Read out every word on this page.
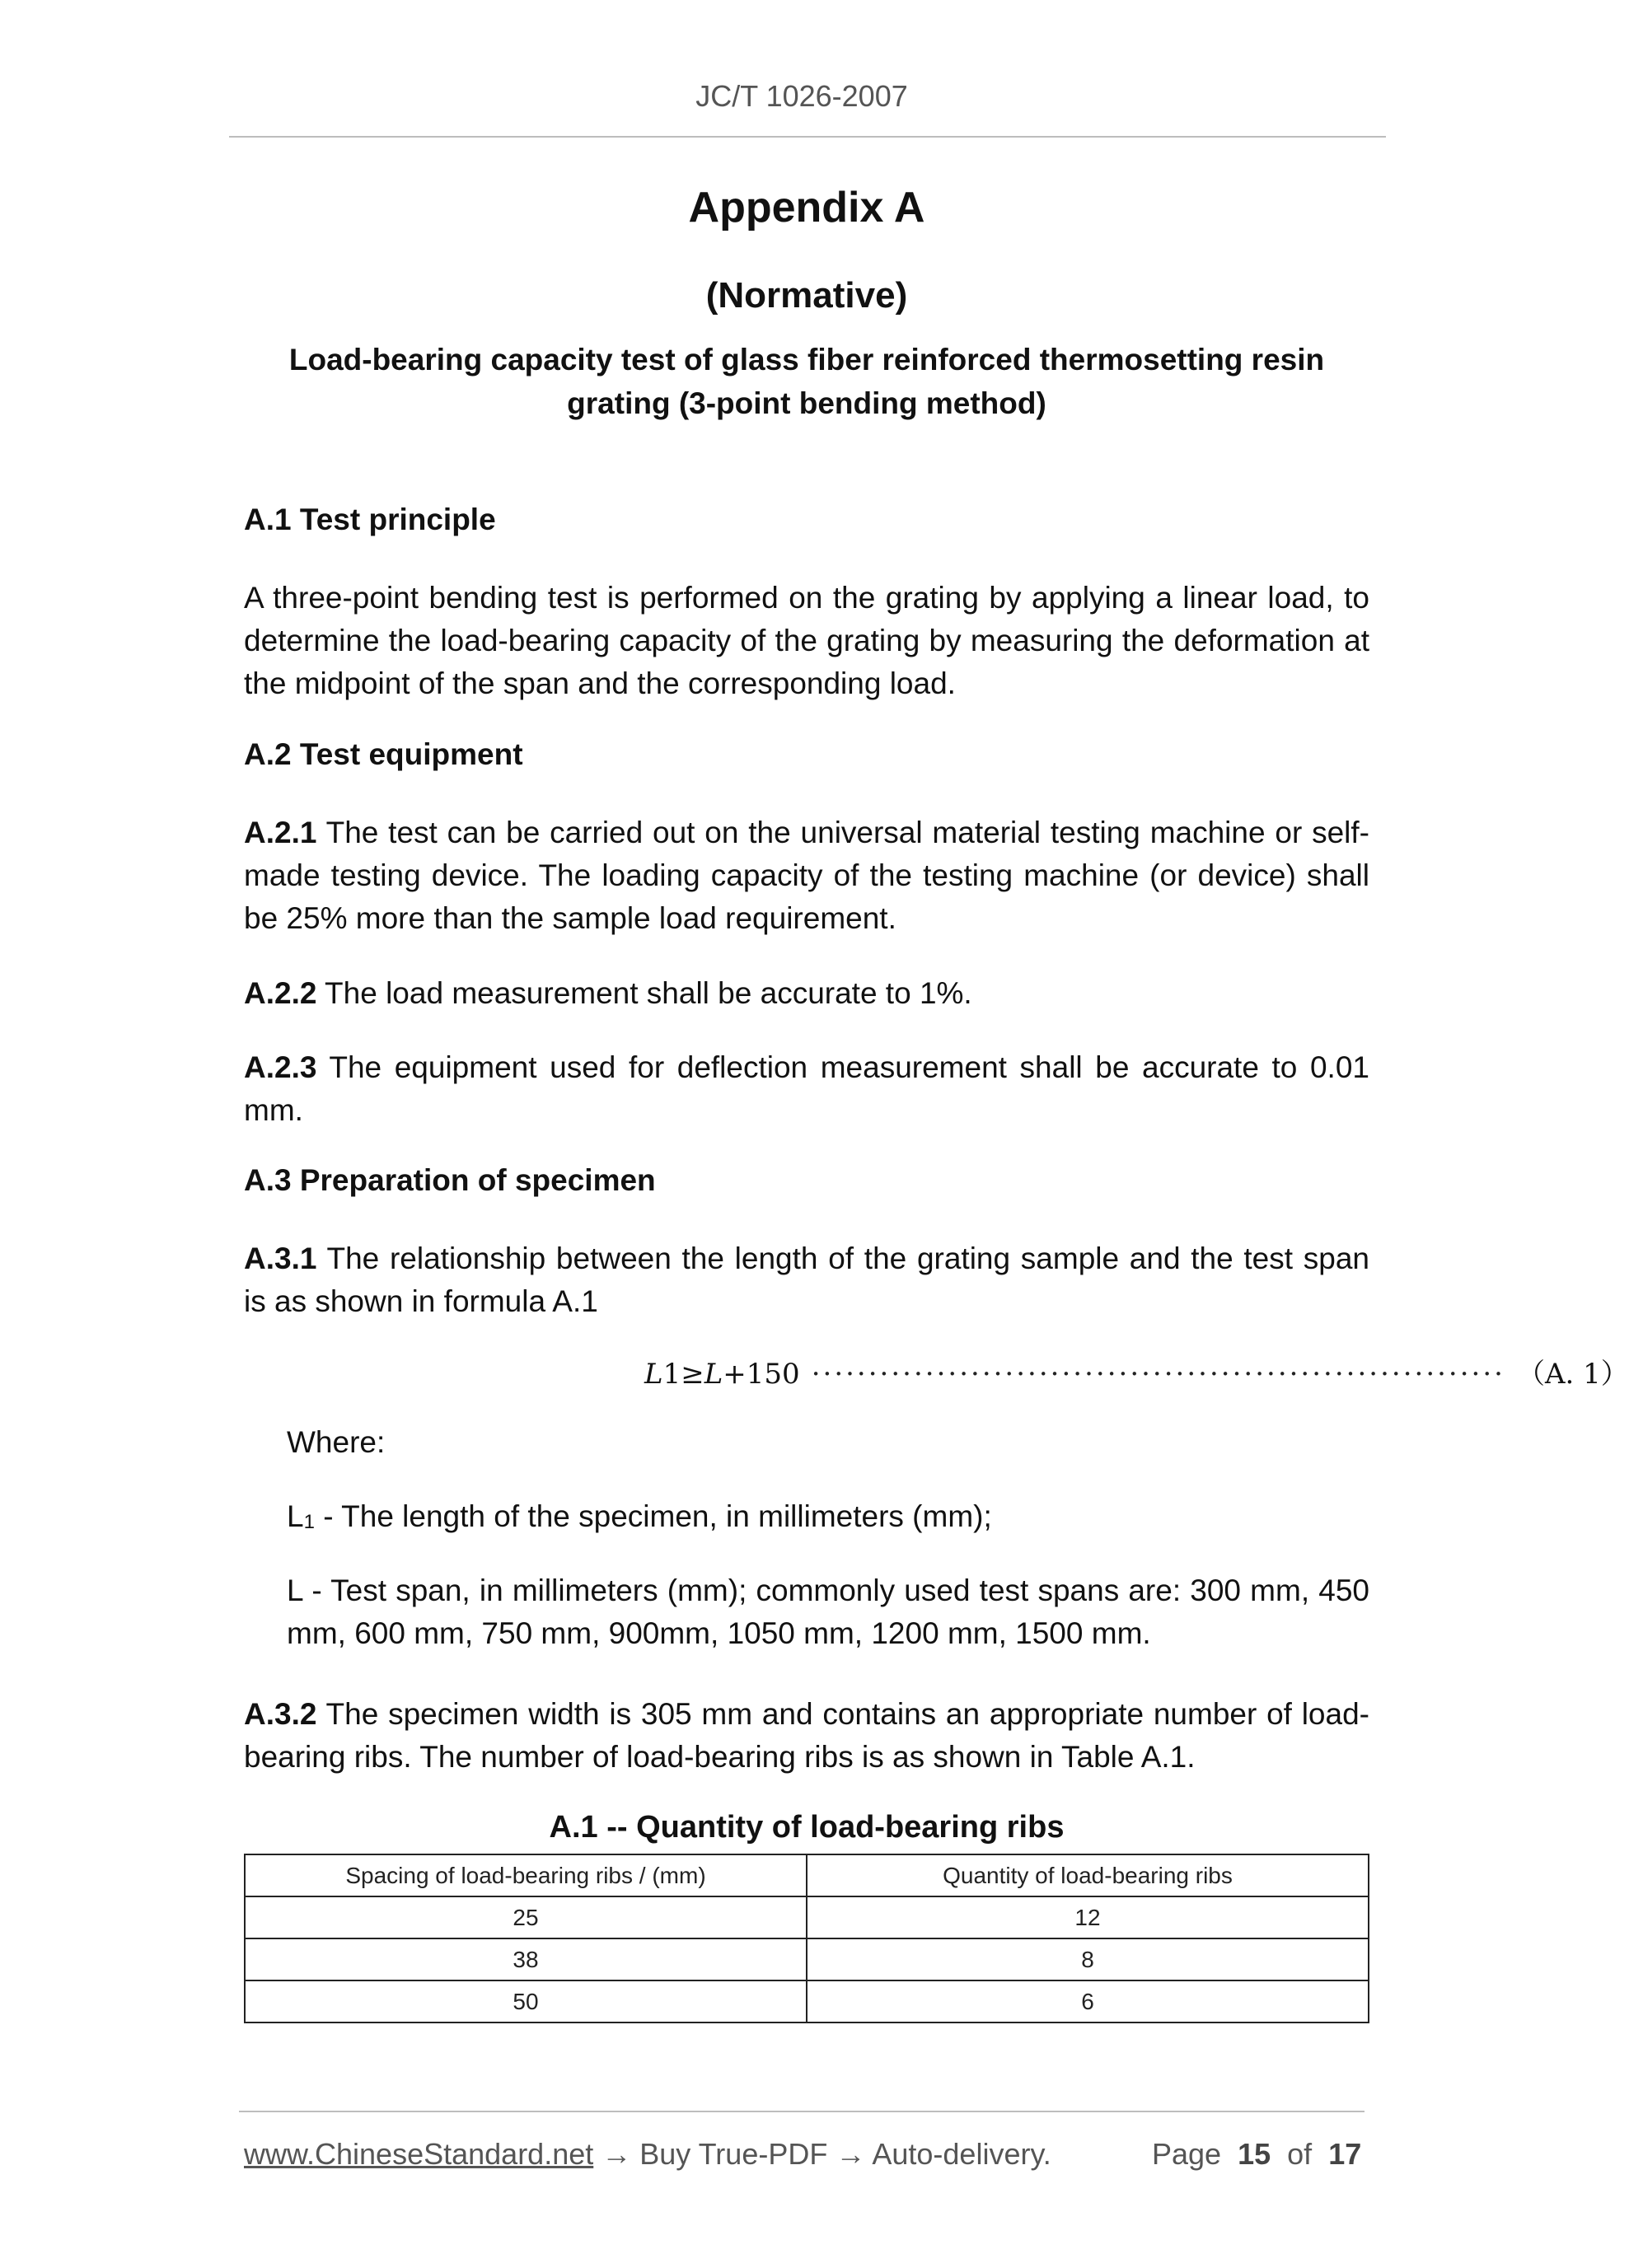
JC/T 1026-2007
Appendix A
(Normative)
Load-bearing capacity test of glass fiber reinforced thermosetting resin
grating (3-point bending method)
A.1 Test principle
A three-point bending test is performed on the grating by applying a linear load, to determine the load-bearing capacity of the grating by measuring the deformation at the midpoint of the span and the corresponding load.
A.2 Test equipment
A.2.1 The test can be carried out on the universal material testing machine or self-made testing device. The loading capacity of the testing machine (or device) shall be 25% more than the sample load requirement.
A.2.2 The load measurement shall be accurate to 1%.
A.2.3 The equipment used for deflection measurement shall be accurate to 0.01 mm.
A.3 Preparation of specimen
A.3.1 The relationship between the length of the grating sample and the test span is as shown in formula A.1
L1≥L+150 ····························································· （A. 1）
Where:
$L_1$ - The length of the specimen, in millimeters (mm);
L - Test span, in millimeters (mm); commonly used test spans are: 300 mm, 450 mm, 600 mm, 750 mm, 900mm, 1050 mm, 1200 mm, 1500 mm.
A.3.2 The specimen width is 305 mm and contains an appropriate number of load-bearing ribs. The number of load-bearing ribs is as shown in Table A.1.
A.1 -- Quantity of load-bearing ribs
Spacing of load-bearing ribs / (mm)	Quantity of load-bearing ribs
25	12
38	8
50	6
www.ChineseStandard.net → Buy True-PDF → Auto-delivery.	Page 15 of 17
